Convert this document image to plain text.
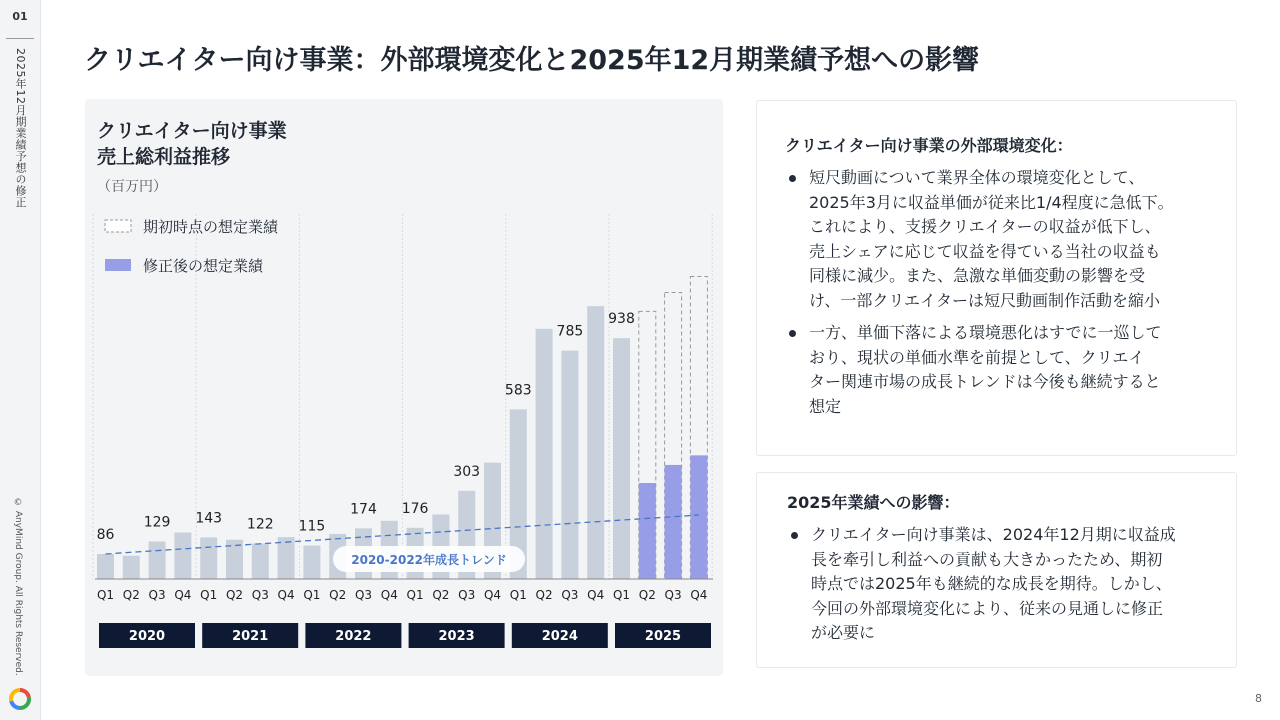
01
2025年12月期業績予想の修正
© AnyMind Group. All Rights Reserved.
クリエイター向け事業：外部環境変化と2025年12月期業績予想への影響
8
クリエイター向け事業
売上総利益推移
（百万円）
期初時点の想定業績
修正後の想定業績
2020-2022年成長トレンド
86
129 143 122 115
174 176
303
583
785
938
Q1 Q2 Q3 Q4 Q1 Q2 Q3 Q4 Q1 Q2 Q3 Q4 Q1 Q2 Q3 Q4 Q1 Q2 Q3 Q4 Q1 Q2 Q3 Q4
2020	2021	2022	2023	2024	2025
クリエイター向け事業の外部環境変化：
短尺動画について業界全体の環境変化として、
2025年3月に収益単価が従来比1/4程度に急低下。
これにより、支援クリエイターの収益が低下し、
売上シェアに応じて収益を得ている当社の収益も
同様に減少。また、急激な単価変動の影響を受
け、一部クリエイターは短尺動画制作活動を縮小
一方、単価下落による環境悪化はすでに一巡して
おり、現状の単価水準を前提として、クリエイ
ター関連市場の成長トレンドは今後も継続すると
想定
2025年業績への影響：
クリエイター向け事業は、2024年12月期に収益成
長を牽引し利益への貢献も大きかったため、期初
時点では2025年も継続的な成長を期待。しかし、
今回の外部環境変化により、従来の見通しに修正
が必要に
